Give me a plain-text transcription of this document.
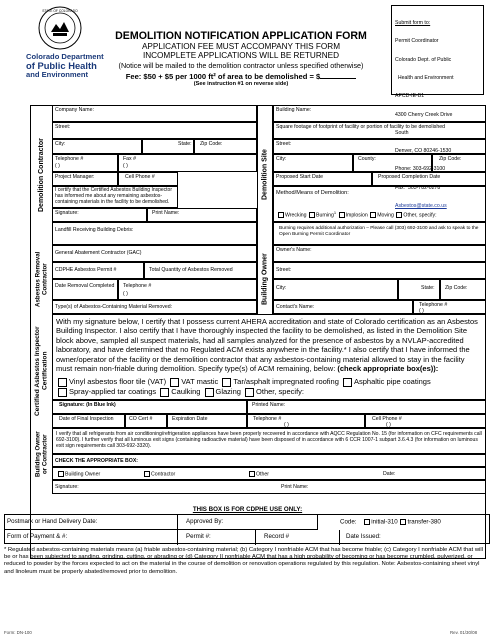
STATE OF COLORADO
Colorado Department
of Public Health
and Environment
DEMOLITION NOTIFICATION APPLICATION FORM
APPLICATION FEE MUST ACCOMPANY THIS FORM
INCOMPLETE APPLICATIONS WILL BE RETURNED
(Notice will be mailed to the demolition contractor unless specified otherwise)
Fee: $50 + $5 per 1000 ft² of area to be demolished = $
(See instruction #1 on reverse side)

Submit form to:

Permit Coordinator

Colorado Dept. of Public

Health and Environment

APCD-IE-B1

4300 Cherry Creek Drive

South

Denver, CO 80246-1530

Phone: 303-692-3100

Fax:  303-782-0278

Asbestos@state.co.us

Demolition Contractor	Demolition Site
Company Name:
Street:
City:	State: Zip Code:
Telephone #
( )
Fax #
( )
Project Manager:	Cell Phone #
I certify that the Certified Asbestos Building Inspector has informed me about any remaining asbestos-containing materials in the facility to be demolished.
Signature:	Print Name:
Landfill Receiving Building Debris:
Building Name:
Square footage of footprint of facility or portion of facility to be demolished
Street:
City:	County:	Zip Code:
Proposed Start Date	Proposed Completion Date
Method/Means of Demolition:
Wrecking Burning$^1$ Implosion Moving Other, specify:
Burning requires additional authorization – Please call (303) 692-3100 and ask to speak to the Open Burning Permit Coordinator
Asbestos Removal Contractor	Building Owner
General Abatement Contractor (GAC)
CDPHE Asbestos Permit #	Total Quantity of Asbestos Removed
Date Removal Completed Telephone #
( )
Type(s) of Asbestos-Containing Material Removed:
Owner's Name:
Street:
City:	State: Zip Code:
Contact's Name:	Telephone #
( )
Certified Asbestos Inspector Certification
With my signature below, I certify that I possess current AHERA accreditation and state of Colorado certification as an Asbestos Building Inspector. I also certify that I have thoroughly inspected the facility to be demolished, as listed in the Demolition Site block above, sampled all suspect materials, had all samples analyzed for the presence of asbestos by a NVLAP-accredited laboratory, and have determined that no Regulated ACM exists anywhere in the facility.* I also certify that I have informed the owner/operator of the facility or the demolition contractor that any asbestos-containing material allowed to stay in the facility must remain non-friable during demolition. Specify type(s) of ACM remaining, below: (check appropriate box(es)):
Vinyl asbestos floor tile (VAT) VAT mastic Tar/asphalt impregnated roofing Asphaltic pipe coatings
Spray-applied tar coatings Caulking Glazing Other, specify:
Signature: (In Blue Ink)	Printed Name:
Date of Final Inspection	CO Cert #	Expiration Date	Telephone #
( )
Cell Phone #
( )
Building Owner or Contractor
I verify that all refrigerants from air conditioning/refrigeration appliances have been properly recovered in accordance with AQCC Regulation No. 15 (for information on CFC requirements call 692-3100). I further verify that all luminous exit signs (containing radioactive material) have been disposed of in accordance with 6 CCR 1007-1 subpart 3.6.4.3 (for information on luminous exit sign requirements call 303-692-3320).
CHECK THE APPROPRIATE BOX:
Building Owner	Contractor	Other	Date:
Signature:	Print Name:
THIS BOX IS FOR CDPHE USE ONLY:
Postmark or Hand Delivery Date:	Approved By:	Code: initial-310 transfer-380
Form of Payment & #:	Permit #:	Record #	Date Issued:
* Regulated asbestos-containing materials means (a) friable asbestos-containing material; (b) Category I nonfriable ACM that has become friable; (c) Category I nonfriable ACM that will be or has been subjected to sanding, grinding, cutting, or abrading or (d) Category II nonfriable ACM that has a high probability of becoming or has become crumbled, pulverized, or reduced to powder by the forces expected to act on the material in the course of demolition or renovation operations regulated by this regulation. Note: Asbestos-containing sheet vinyl and linoleum must be properly abated/removed prior to demolition.
Form: DN-100	Rev. 01/30/08
